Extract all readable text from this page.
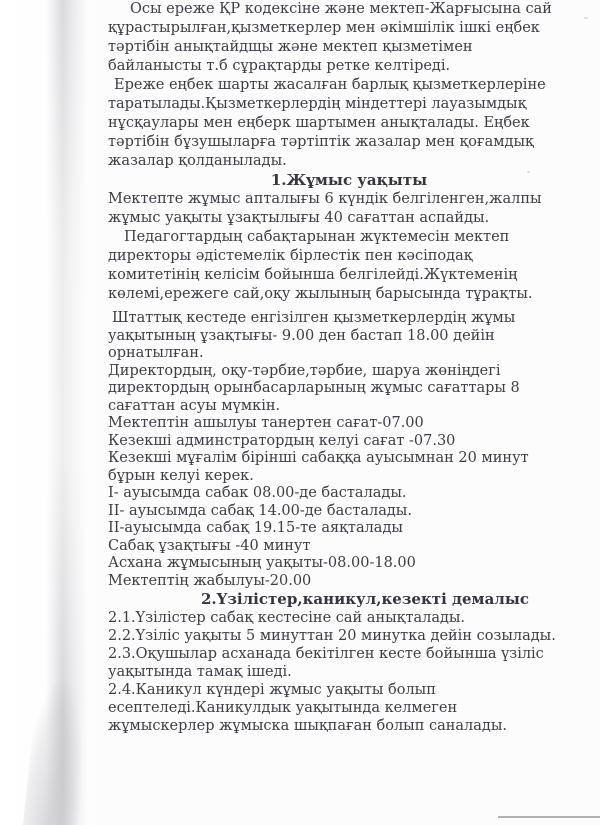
Осы ереже ҚР кодексіне және мектеп-Жарғысына сай құрастырылған,қызметкерлер мен әкімшілік ішкі еңбек тәртібін анықтайдщы және мектеп қызметімен байланысты т.б сұрақтарды ретке келтіреді.

Ереже еңбек шарты жасалған барлық қызметкерлеріне таратылады.Қызметкерлердің міндеттері лауазымдық нұсқаулары мен еңберк шартымен анықталады. Еңбек тәртібін бұзушыларға тәртіптік жазалар мен қоғамдық жазалар қолданылады.

1.Жұмыс уақыты

Мектепте жұмыс апталығы 6 күндік белгіленген,жалпы жұмыс уақыты ұзақтылығы 40 сағаттан аспайды.

Педагогтардың сабақтарынан жүктемесін мектеп директоры әдістемелік бірлестік пен кәсіподақ комитетінің келісім бойынша белгілейді.Жүктеменің көлемі,ережеге сай,оқу жылының барысында тұрақты.

Штаттық кестеде енгізілген қызметкерлердің жұмы уақытының ұзақтығы- 9.00 ден бастап 18.00 дейін орнатылған.

Директордың, оқу-тәрбие,тәрбие, шаруа жөніңдегі директордың орынбасарларының жұмыс сағаттары 8 сағаттан асуы мүмкін.

Мектептін ашылуы танертен сағат-07.00

Кезекші админстратордың келуі сағат -07.30

Кезекші мұғалім бірінші сабаққа ауысымнан 20 минут бұрын келуі керек.

I- ауысымда сабак 08.00-де басталады.

II- ауысымда сабақ 14.00-де басталады.

II-ауысымда сабақ 19.15-те аяқталады

Сабақ ұзақтығы -40 минут

Асхана жұмысының уақыты-08.00-18.00

Мектептің жабылуы-20.00

2.Үзілістер,каникул,кезекті демалыс

2.1.Үзілістер сабақ кестесіне сай анықталады.

2.2.Үзіліс уақыты 5 минуттан 20 минутка дейін созылады.

2.3.Оқушылар асханада бекітілген кесте бойынша үзіліс уақытында тамақ ішеді.

2.4.Каникул күндері жұмыс уақыты болып есептеледі.Каникулдык уақытында келмеген жұмыскерлер жұмыска шықпаған болып саналады.
